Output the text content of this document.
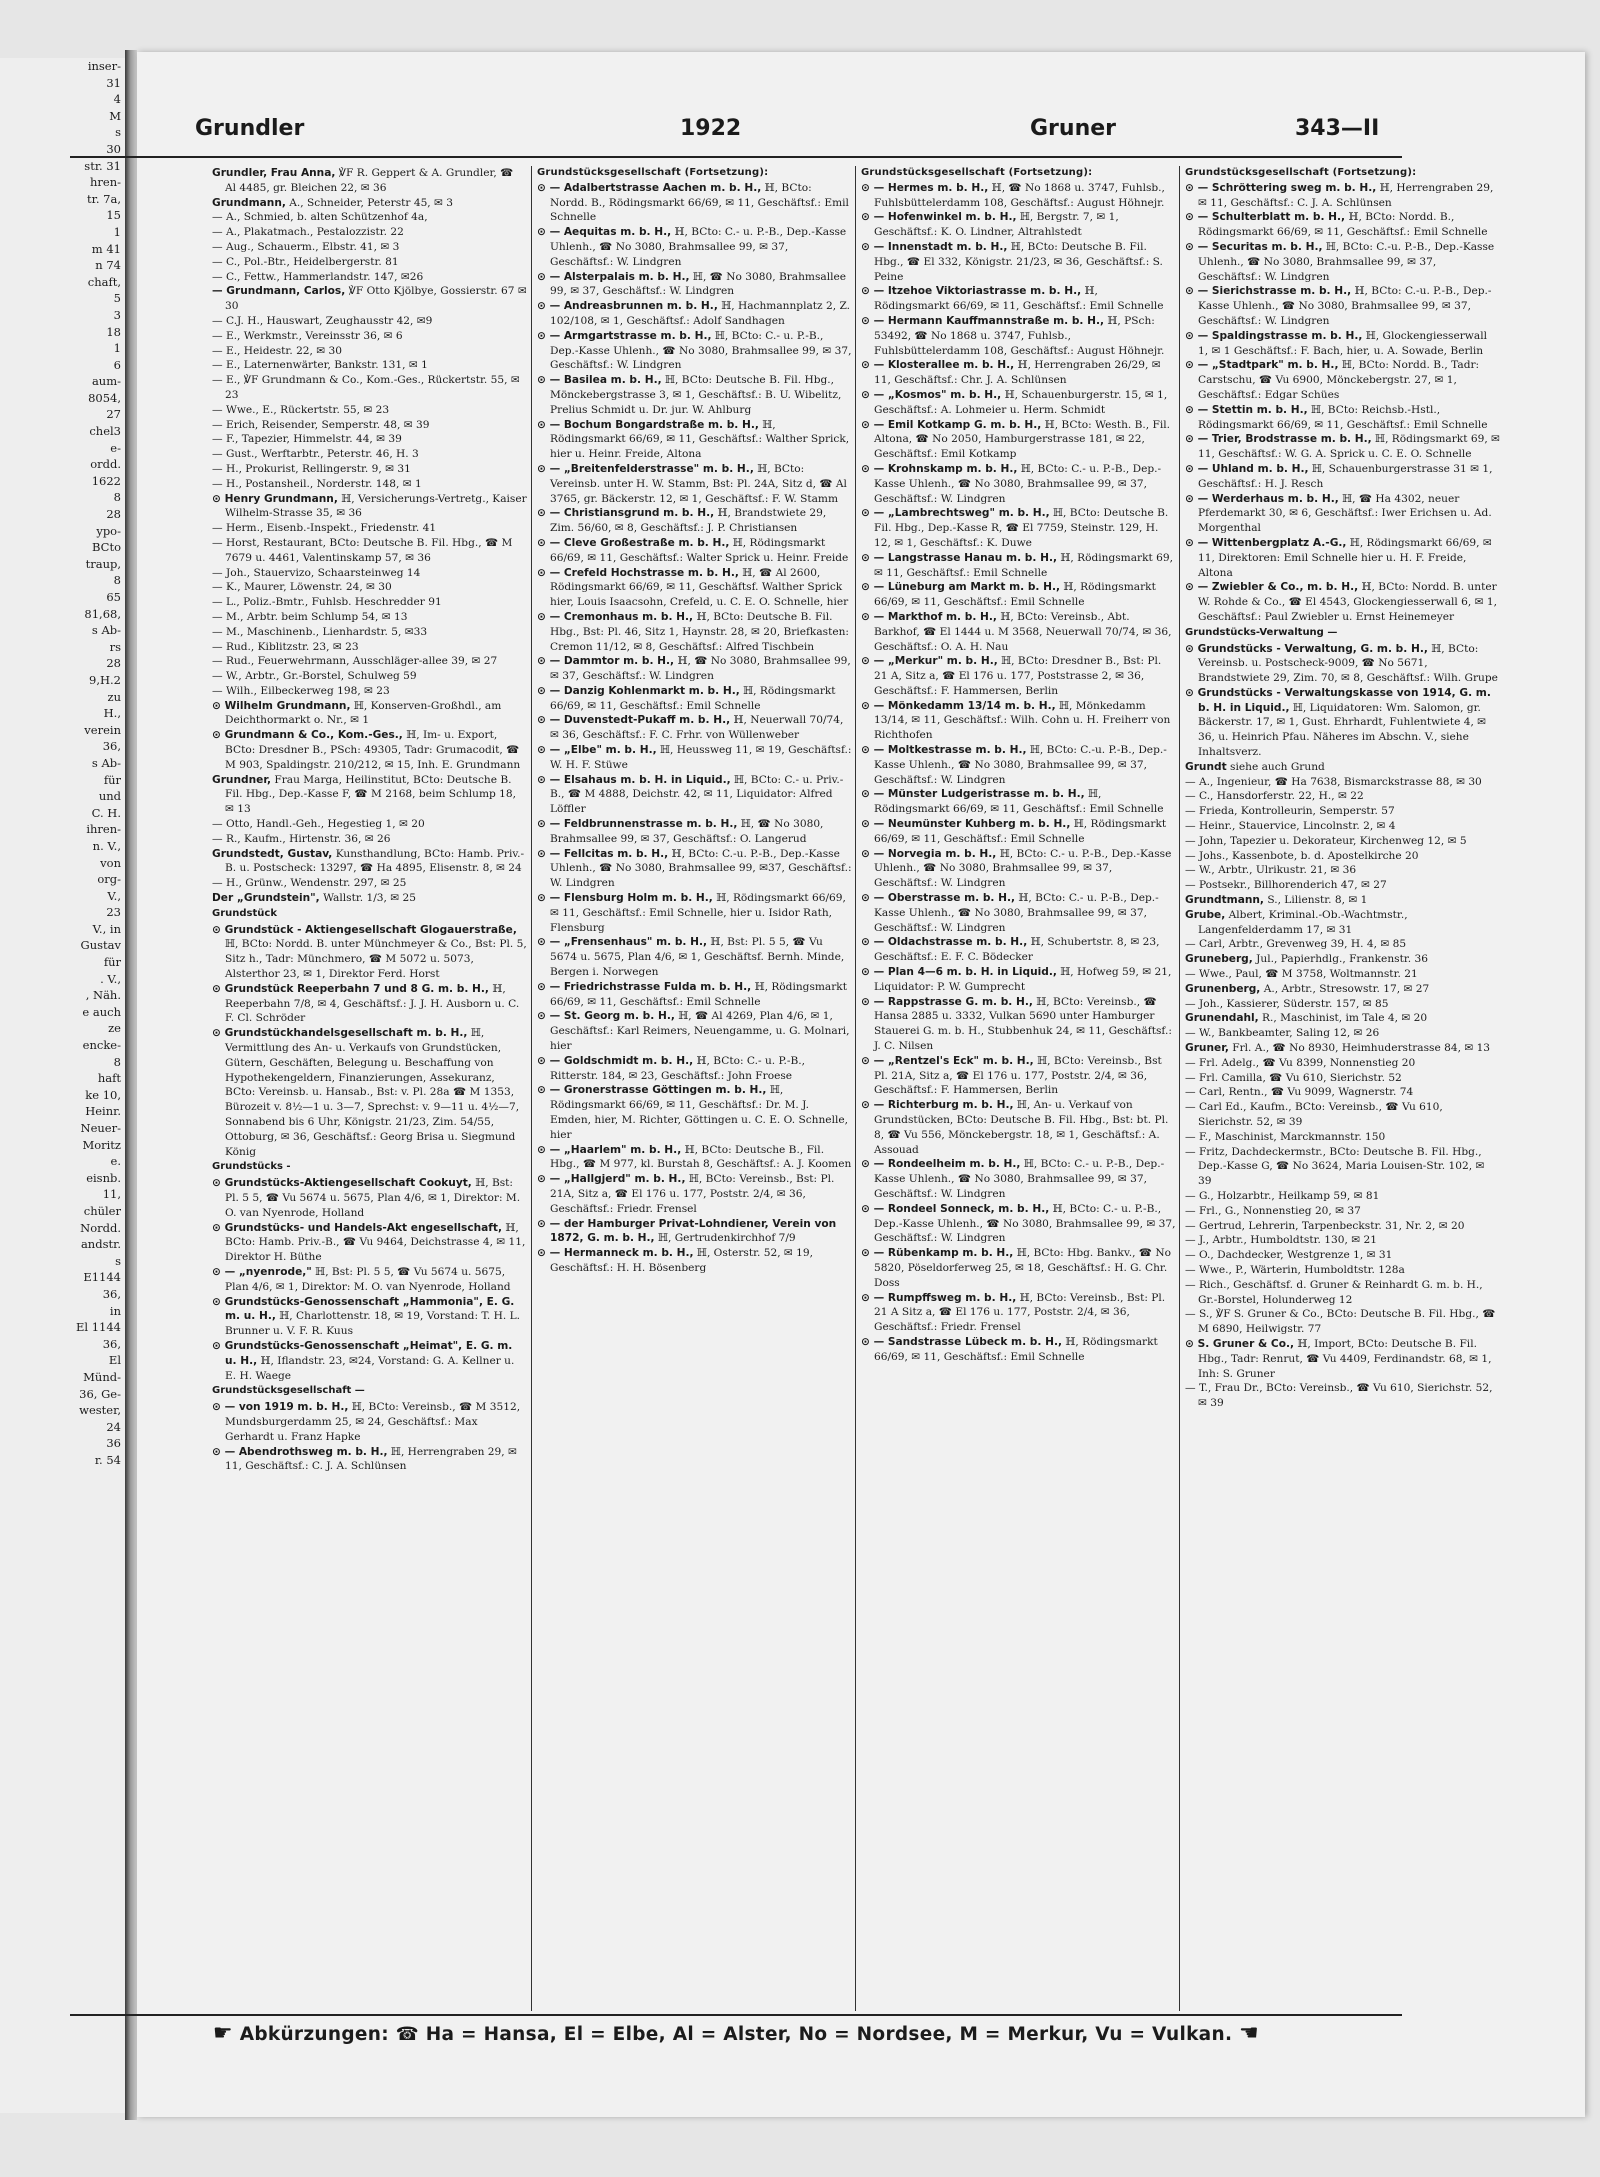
inser-
31
4
M
s
30
str. 31
hren-
tr. 7a,
15
1
m 41
n 74
chaft,
5
3
18
1
6
aum-
8054,
27
chel3
e-
ordd.
1622
8
28
ypo-
BCto
traup,
8
65
81,68,
s Ab-
rs
28
9,H.2
zu
H.,
verein
36,
s Ab-
für
und
C. H.
ihren-
n. V.,
von
org-
V.,
23
V., in
Gustav
für
. V.,
, Näh.
e auch
ze
encke-
8
haft
ke 10,
Heinr.
Neuer-
Moritz
e.
eisnb.
11,
chüler
Nordd.
andstr.
s
E1144
36,
in
El 1144
36,
El
Münd-
36, Ge-
wester,
24
36
r. 54
Grundler	1922	Gruner	343—II

Grundler, Frau Anna, ℣F R. Geppert & A. Grundler, ☎ Al 4485, gr. Bleichen 22, ✉ 36

Grundmann, A., Schneider, Peterstr 45, ✉ 3

— A., Schmied, b. alten Schützenhof 4a,

— A., Plakatmach., Pestalozzistr. 22

— Aug., Schauerm., Elbstr. 41, ✉ 3

— C., Pol.-Btr., Heidelbergerstr. 81

— C., Fettw., Hammerlandstr. 147, ✉26

— Grundmann, Carlos, ℣F Otto Kjölbye, Gossierstr. 67 ✉ 30

— C.J. H., Hauswart, Zeughausstr 42, ✉9

— E., Werkmstr., Vereinsstr 36, ✉ 6

— E., Heidestr. 22, ✉ 30

— E., Laternenwärter, Bankstr. 131, ✉ 1

— E., ℣F Grundmann & Co., Kom.-Ges., Rückertstr. 55, ✉ 23

— Wwe., E., Rückertstr. 55, ✉ 23

— Erich, Reisender, Semperstr. 48, ✉ 39

— F., Tapezier, Himmelstr. 44, ✉ 39

— Gust., Werftarbtr., Peterstr. 46, H. 3

— H., Prokurist, Rellingerstr. 9, ✉ 31

— H., Postansheil., Norderstr. 148, ✉ 1

⊙ Henry Grundmann, ℍ, Versicherungs-Vertretg., Kaiser Wilhelm-Strasse 35, ✉ 36

— Herm., Eisenb.-Inspekt., Friedenstr. 41

— Horst, Restaurant, BCto: Deutsche B. Fil. Hbg., ☎ M 7679 u. 4461, Valentinskamp 57, ✉ 36

— Joh., Stauervizo, Schaarsteinweg 14

— K., Maurer, Löwenstr. 24, ✉ 30

— L., Poliz.-Bmtr., Fuhlsb. Heschredder 91

— M., Arbtr. beim Schlump 54, ✉ 13

— M., Maschinenb., Lienhardstr. 5, ✉33

— Rud., Kiblitzstr. 23, ✉ 23

— Rud., Feuerwehrmann, Ausschläger-allee 39, ✉ 27

— W., Arbtr., Gr.-Borstel, Schulweg 59

— Wilh., Eilbeckerweg 198, ✉ 23

⊙ Wilhelm Grundmann, ℍ, Konserven-Großhdl., am Deichthormarkt o. Nr., ✉ 1

⊙ Grundmann & Co., Kom.-Ges., ℍ, Im- u. Export, BCto: Dresdner B., PSch: 49305, Tadr: Grumacodit, ☎ M 903, Spaldingstr. 210/212, ✉ 15, Inh. E. Grundmann

Grundner, Frau Marga, Heilinstitut, BCto: Deutsche B. Fil. Hbg., Dep.-Kasse F, ☎ M 2168, beim Schlump 18, ✉ 13

— Otto, Handl.-Geh., Hegestieg 1, ✉ 20

— R., Kaufm., Hirtenstr. 36, ✉ 26

Grundstedt, Gustav, Kunsthandlung, BCto: Hamb. Priv.-B. u. Postscheck: 13297, ☎ Ha 4895, Elisenstr. 8, ✉ 24

— H., Grünw., Wendenstr. 297, ✉ 25

Der „Grundstein", Wallstr. 1/3, ✉ 25

Grundstück

⊙ Grundstück - Aktiengesellschaft Glogauerstraße, ℍ, BCto: Nordd. B. unter Münchmeyer & Co., Bst: Pl. 5, Sitz h., Tadr: Münchmero, ☎ M 5072 u. 5073, Alsterthor 23, ✉ 1, Direktor Ferd. Horst

⊙ Grundstück Reeperbahn 7 und 8 G. m. b. H., ℍ, Reeperbahn 7/8, ✉ 4, Geschäftsf.: J. J. H. Ausborn u. C. F. Cl. Schröder

⊙ Grundstückhandelsgesellschaft m. b. H., ℍ, Vermittlung des An- u. Verkaufs von Grundstücken, Gütern, Geschäften, Belegung u. Beschaffung von Hypothekengeldern, Finanzierungen, Assekuranz, BCto: Vereinsb. u. Hansab., Bst: v. Pl. 28a ☎ M 1353, Bürozeit v. 8½—1 u. 3—7, Sprechst: v. 9—11 u. 4½—7, Sonnabend bis 6 Uhr, Königstr. 21/23, Zim. 54/55, Ottoburg, ✉ 36, Geschäftsf.: Georg Brisa u. Siegmund König

Grundstücks -

⊙ Grundstücks-Aktiengesellschaft Cookuyt, ℍ, Bst: Pl. 5 5, ☎ Vu 5674 u. 5675, Plan 4/6, ✉ 1, Direktor: M. O. van Nyenrode, Holland

⊙ Grundstücks- und Handels-Akt engesellschaft, ℍ, BCto: Hamb. Priv.-B., ☎ Vu 9464, Deichstrasse 4, ✉ 11, Direktor H. Büthe

⊙ — „nyenrode," ℍ, Bst: Pl. 5 5, ☎ Vu 5674 u. 5675, Plan 4/6, ✉ 1, Direktor: M. O. van Nyenrode, Holland

⊙ Grundstücks-Genossenschaft „Hammonia", E. G. m. u. H., ℍ, Charlottenstr. 18, ✉ 19, Vorstand: T. H. L. Brunner u. V. F. R. Kuus

⊙ Grundstücks-Genossenschaft „Heimat", E. G. m. u. H., ℍ, Iflandstr. 23, ✉24, Vorstand: G. A. Kellner u. E. H. Waege

Grundstücksgesellschaft —

⊙ — von 1919 m. b. H., ℍ, BCto: Vereinsb., ☎ M 3512, Mundsburgerdamm 25, ✉ 24, Geschäftsf.: Max Gerhardt u. Franz Hapke

⊙ — Abendrothsweg m. b. H., ℍ, Herrengraben 29, ✉ 11, Geschäftsf.: C. J. A. Schlünsen

Grundstücksgesellschaft (Fortsetzung):

⊙ — Adalbertstrasse Aachen m. b. H., ℍ, BCto: Nordd. B., Rödingsmarkt 66/69, ✉ 11, Geschäftsf.: Emil Schnelle

⊙ — Aequitas m. b. H., ℍ, BCto: C.- u. P.-B., Dep.-Kasse Uhlenh., ☎ No 3080, Brahmsallee 99, ✉ 37, Geschäftsf.: W. Lindgren

⊙ — Alsterpalais m. b. H., ℍ, ☎ No 3080, Brahmsallee 99, ✉ 37, Geschäftsf.: W. Lindgren

⊙ — Andreasbrunnen m. b. H., ℍ, Hachmannplatz 2, Z. 102/108, ✉ 1, Geschäftsf.: Adolf Sandhagen

⊙ — Armgartstrasse m. b. H., ℍ, BCto: C.- u. P.-B., Dep.-Kasse Uhlenh., ☎ No 3080, Brahmsallee 99, ✉ 37, Geschäftsf.: W. Lindgren

⊙ — Basilea m. b. H., ℍ, BCto: Deutsche B. Fil. Hbg., Mönckebergstrasse 3, ✉ 1, Geschäftsf.: B. U. Wibelitz, Prelius Schmidt u. Dr. jur. W. Ahlburg

⊙ — Bochum Bongardstraße m. b. H., ℍ, Rödingsmarkt 66/69, ✉ 11, Geschäftsf.: Walther Sprick, hier u. Heinr. Freide, Altona

⊙ — „Breitenfelderstrasse" m. b. H., ℍ, BCto: Vereinsb. unter H. W. Stamm, Bst: Pl. 24A, Sitz d, ☎ Al 3765, gr. Bäckerstr. 12, ✉ 1, Geschäftsf.: F. W. Stamm

⊙ — Christiansgrund m. b. H., ℍ, Brandstwiete 29, Zim. 56/60, ✉ 8, Geschäftsf.: J. P. Christiansen

⊙ — Cleve Großestraße m. b. H., ℍ, Rödingsmarkt 66/69, ✉ 11, Geschäftsf.: Walter Sprick u. Heinr. Freide

⊙ — Crefeld Hochstrasse m. b. H., ℍ, ☎ Al 2600, Rödingsmarkt 66/69, ✉ 11, Geschäftsf. Walther Sprick hier, Louis Isaacsohn, Crefeld, u. C. E. O. Schnelle, hier

⊙ — Cremonhaus m. b. H., ℍ, BCto: Deutsche B. Fil. Hbg., Bst: Pl. 46, Sitz 1, Haynstr. 28, ✉ 20, Briefkasten: Cremon 11/12, ✉ 8, Geschäftsf.: Alfred Tischbein

⊙ — Dammtor m. b. H., ℍ, ☎ No 3080, Brahmsallee 99, ✉ 37, Geschäftsf.: W. Lindgren

⊙ — Danzig Kohlenmarkt m. b. H., ℍ, Rödingsmarkt 66/69, ✉ 11, Geschäftsf.: Emil Schnelle

⊙ — Duvenstedt-Pukaff m. b. H., ℍ, Neuerwall 70/74, ✉ 36, Geschäftsf.: F. C. Frhr. von Wüllenweber

⊙ — „Elbe" m. b. H., ℍ, Heussweg 11, ✉ 19, Geschäftsf.: W. H. F. Stüwe

⊙ — Elsahaus m. b. H. in Liquid., ℍ, BCto: C.- u. Priv.-B., ☎ M 4888, Deichstr. 42, ✉ 11, Liquidator: Alfred Löffler

⊙ — Feldbrunnenstrasse m. b. H., ℍ, ☎ No 3080, Brahmsallee 99, ✉ 37, Geschäftsf.: O. Langerud

⊙ — Fellcitas m. b. H., ℍ, BCto: C.-u. P.-B., Dep.-Kasse Uhlenh., ☎ No 3080, Brahmsallee 99, ✉37, Geschäftsf.: W. Lindgren

⊙ — Flensburg Holm m. b. H., ℍ, Rödingsmarkt 66/69, ✉ 11, Geschäftsf.: Emil Schnelle, hier u. Isidor Rath, Flensburg

⊙ — „Frensenhaus" m. b. H., ℍ, Bst: Pl. 5 5, ☎ Vu 5674 u. 5675, Plan 4/6, ✉ 1, Geschäftsf. Bernh. Minde, Bergen i. Norwegen

⊙ — Friedrichstrasse Fulda m. b. H., ℍ, Rödingsmarkt 66/69, ✉ 11, Geschäftsf.: Emil Schnelle

⊙ — St. Georg m. b. H., ℍ, ☎ Al 4269, Plan 4/6, ✉ 1, Geschäftsf.: Karl Reimers, Neuengamme, u. G. Molnari, hier

⊙ — Goldschmidt m. b. H., ℍ, BCto: C.- u. P.-B., Ritterstr. 184, ✉ 23, Geschäftsf.: John Froese

⊙ — Gronerstrasse Göttingen m. b. H., ℍ, Rödingsmarkt 66/69, ✉ 11, Geschäftsf.: Dr. M. J. Emden, hier, M. Richter, Göttingen u. C. E. O. Schnelle, hier

⊙ — „Haarlem" m. b. H., ℍ, BCto: Deutsche B., Fil. Hbg., ☎ M 977, kl. Burstah 8, Geschäftsf.: A. J. Koomen

⊙ — „Hallgjerd" m. b. H., ℍ, BCto: Vereinsb., Bst: Pl. 21A, Sitz a, ☎ El 176 u. 177, Poststr. 2/4, ✉ 36, Geschäftsf.: Friedr. Frensel

⊙ — der Hamburger Privat-Lohndiener, Verein von 1872, G. m. b. H., ℍ, Gertrudenkirchhof 7/9

⊙ — Hermanneck m. b. H., ℍ, Osterstr. 52, ✉ 19, Geschäftsf.: H. H. Bösenberg

Grundstücksgesellschaft (Fortsetzung):

⊙ — Hermes m. b. H., ℍ, ☎ No 1868 u. 3747, Fuhlsb., Fuhlsbüttelerdamm 108, Geschäftsf.: August Höhnejr.

⊙ — Hofenwinkel m. b. H., ℍ, Bergstr. 7, ✉ 1, Geschäftsf.: K. O. Lindner, Altrahlstedt

⊙ — Innenstadt m. b. H., ℍ, BCto: Deutsche B. Fil. Hbg., ☎ El 332, Königstr. 21/23, ✉ 36, Geschäftsf.: S. Peine

⊙ — Itzehoe Viktoriastrasse m. b. H., ℍ, Rödingsmarkt 66/69, ✉ 11, Geschäftsf.: Emil Schnelle

⊙ — Hermann Kauffmannstraße m. b. H., ℍ, PSch: 53492, ☎ No 1868 u. 3747, Fuhlsb., Fuhlsbüttelerdamm 108, Geschäftsf.: August Höhnejr.

⊙ — Klosterallee m. b. H., ℍ, Herrengraben 26/29, ✉ 11, Geschäftsf.: Chr. J. A. Schlünsen

⊙ — „Kosmos" m. b. H., ℍ, Schauenburgerstr. 15, ✉ 1, Geschäftsf.: A. Lohmeier u. Herm. Schmidt

⊙ — Emil Kotkamp G. m. b. H., ℍ, BCto: Westh. B., Fil. Altona, ☎ No 2050, Hamburgerstrasse 181, ✉ 22, Geschäftsf.: Emil Kotkamp

⊙ — Krohnskamp m. b. H., ℍ, BCto: C.- u. P.-B., Dep.-Kasse Uhlenh., ☎ No 3080, Brahmsallee 99, ✉ 37, Geschäftsf.: W. Lindgren

⊙ — „Lambrechtsweg" m. b. H., ℍ, BCto: Deutsche B. Fil. Hbg., Dep.-Kasse R, ☎ El 7759, Steinstr. 129, H. 12, ✉ 1, Geschäftsf.: K. Duwe

⊙ — Langstrasse Hanau m. b. H., ℍ, Rödingsmarkt 69, ✉ 11, Geschäftsf.: Emil Schnelle

⊙ — Lüneburg am Markt m. b. H., ℍ, Rödingsmarkt 66/69, ✉ 11, Geschäftsf.: Emil Schnelle

⊙ — Markthof m. b. H., ℍ, BCto: Vereinsb., Abt. Barkhof, ☎ El 1444 u. M 3568, Neuerwall 70/74, ✉ 36, Geschäftsf.: O. A. H. Nau

⊙ — „Merkur" m. b. H., ℍ, BCto: Dresdner B., Bst: Pl. 21 A, Sitz a, ☎ El 176 u. 177, Poststrasse 2, ✉ 36, Geschäftsf.: F. Hammersen, Berlin

⊙ — Mönkedamm 13/14 m. b. H., ℍ, Mönkedamm 13/14, ✉ 11, Geschäftsf.: Wilh. Cohn u. H. Freiherr von Richthofen

⊙ — Moltkestrasse m. b. H., ℍ, BCto: C.-u. P.-B., Dep.-Kasse Uhlenh., ☎ No 3080, Brahmsallee 99, ✉ 37, Geschäftsf.: W. Lindgren

⊙ — Münster Ludgeristrasse m. b. H., ℍ, Rödingsmarkt 66/69, ✉ 11, Geschäftsf.: Emil Schnelle

⊙ — Neumünster Kuhberg m. b. H., ℍ, Rödingsmarkt 66/69, ✉ 11, Geschäftsf.: Emil Schnelle

⊙ — Norvegia m. b. H., ℍ, BCto: C.- u. P.-B., Dep.-Kasse Uhlenh., ☎ No 3080, Brahmsallee 99, ✉ 37, Geschäftsf.: W. Lindgren

⊙ — Oberstrasse m. b. H., ℍ, BCto: C.- u. P.-B., Dep.-Kasse Uhlenh., ☎ No 3080, Brahmsallee 99, ✉ 37, Geschäftsf.: W. Lindgren

⊙ — Oldachstrasse m. b. H., ℍ, Schubertstr. 8, ✉ 23, Geschäftsf.: E. F. C. Bödecker

⊙ — Plan 4—6 m. b. H. in Liquid., ℍ, Hofweg 59, ✉ 21, Liquidator: P. W. Gumprecht

⊙ — Rappstrasse G. m. b. H., ℍ, BCto: Vereinsb., ☎ Hansa 2885 u. 3332, Vulkan 5690 unter Hamburger Stauerei G. m. b. H., Stubbenhuk 24, ✉ 11, Geschäftsf.: J. C. Nilsen

⊙ — „Rentzel's Eck" m. b. H., ℍ, BCto: Vereinsb., Bst Pl. 21A, Sitz a, ☎ El 176 u. 177, Poststr. 2/4, ✉ 36, Geschäftsf.: F. Hammersen, Berlin

⊙ — Richterburg m. b. H., ℍ, An- u. Verkauf von Grundstücken, BCto: Deutsche B. Fil. Hbg., Bst: bt. Pl. 8, ☎ Vu 556, Mönckebergstr. 18, ✉ 1, Geschäftsf.: A. Assouad

⊙ — Rondeelheim m. b. H., ℍ, BCto: C.- u. P.-B., Dep.-Kasse Uhlenh., ☎ No 3080, Brahmsallee 99, ✉ 37, Geschäftsf.: W. Lindgren

⊙ — Rondeel Sonneck, m. b. H., ℍ, BCto: C.- u. P.-B., Dep.-Kasse Uhlenh., ☎ No 3080, Brahmsallee 99, ✉ 37, Geschäftsf.: W. Lindgren

⊙ — Rübenkamp m. b. H., ℍ, BCto: Hbg. Bankv., ☎ No 5820, Pöseldorferweg 25, ✉ 18, Geschäftsf.: H. G. Chr. Doss

⊙ — Rumpffsweg m. b. H., ℍ, BCto: Vereinsb., Bst: Pl. 21 A Sitz a, ☎ El 176 u. 177, Poststr. 2/4, ✉ 36, Geschäftsf.: Friedr. Frensel

⊙ — Sandstrasse Lübeck m. b. H., ℍ, Rödingsmarkt 66/69, ✉ 11, Geschäftsf.: Emil Schnelle

Grundstücksgesellschaft (Fortsetzung):

⊙ — Schröttering sweg m. b. H., ℍ, Herrengraben 29, ✉ 11, Geschäftsf.: C. J. A. Schlünsen

⊙ — Schulterblatt m. b. H., ℍ, BCto: Nordd. B., Rödingsmarkt 66/69, ✉ 11, Geschäftsf.: Emil Schnelle

⊙ — Securitas m. b. H., ℍ, BCto: C.-u. P.-B., Dep.-Kasse Uhlenh., ☎ No 3080, Brahmsallee 99, ✉ 37, Geschäftsf.: W. Lindgren

⊙ — Sierichstrasse m. b. H., ℍ, BCto: C.-u. P.-B., Dep.-Kasse Uhlenh., ☎ No 3080, Brahmsallee 99, ✉ 37, Geschäftsf.: W. Lindgren

⊙ — Spaldingstrasse m. b. H., ℍ, Glockengiesserwall 1, ✉ 1 Geschäftsf.: F. Bach, hier, u. A. Sowade, Berlin

⊙ — „Stadtpark" m. b. H., ℍ, BCto: Nordd. B., Tadr: Carstschu, ☎ Vu 6900, Mönckebergstr. 27, ✉ 1, Geschäftsf.: Edgar Schües

⊙ — Stettin m. b. H., ℍ, BCto: Reichsb.-Hstl., Rödingsmarkt 66/69, ✉ 11, Geschäftsf.: Emil Schnelle

⊙ — Trier, Brodstrasse m. b. H., ℍ, Rödingsmarkt 69, ✉ 11, Geschäftsf.: W. G. A. Sprick u. C. E. O. Schnelle

⊙ — Uhland m. b. H., ℍ, Schauenburgerstrasse 31 ✉ 1, Geschäftsf.: H. J. Resch

⊙ — Werderhaus m. b. H., ℍ, ☎ Ha 4302, neuer Pferdemarkt 30, ✉ 6, Geschäftsf.: Iwer Erichsen u. Ad. Morgenthal

⊙ — Wittenbergplatz A.-G., ℍ, Rödingsmarkt 66/69, ✉ 11, Direktoren: Emil Schnelle hier u. H. F. Freide, Altona

⊙ — Zwiebler & Co., m. b. H., ℍ, BCto: Nordd. B. unter W. Rohde & Co., ☎ El 4543, Glockengiesserwall 6, ✉ 1, Geschäftsf.: Paul Zwiebler u. Ernst Heinemeyer

Grundstücks-Verwaltung —

⊙ Grundstücks - Verwaltung, G. m. b. H., ℍ, BCto: Vereinsb. u. Postscheck-9009, ☎ No 5671, Brandstwiete 29, Zim. 70, ✉ 8, Geschäftsf.: Wilh. Grupe

⊙ Grundstücks - Verwaltungskasse von 1914, G. m. b. H. in Liquid., ℍ, Liquidatoren: Wm. Salomon, gr. Bäckerstr. 17, ✉ 1, Gust. Ehrhardt, Fuhlentwiete 4, ✉ 36, u. Heinrich Pfau. Näheres im Abschn. V., siehe Inhaltsverz.

Grundt siehe auch Grund

— A., Ingenieur, ☎ Ha 7638, Bismarckstrasse 88, ✉ 30

— C., Hansdorferstr. 22, H., ✉ 22

— Frieda, Kontrolleurin, Semperstr. 57

— Heinr., Stauervice, Lincolnstr. 2, ✉ 4

— John, Tapezier u. Dekorateur, Kirchenweg 12, ✉ 5

— Johs., Kassenbote, b. d. Apostelkirche 20

— W., Arbtr., Ulrikustr. 21, ✉ 36

— Postsekr., Billhorenderich 47, ✉ 27

Grundtmann, S., Lilienstr. 8, ✉ 1

Grube, Albert, Kriminal.-Ob.-Wachtmstr., Langenfelderdamm 17, ✉ 31

— Carl, Arbtr., Grevenweg 39, H. 4, ✉ 85

Gruneberg, Jul., Papierhdlg., Frankenstr. 36

— Wwe., Paul, ☎ M 3758, Woltmannstr. 21

Grunenberg, A., Arbtr., Stresowstr. 17, ✉ 27

— Joh., Kassierer, Süderstr. 157, ✉ 85

Grunendahl, R., Maschinist, im Tale 4, ✉ 20

— W., Bankbeamter, Saling 12, ✉ 26

Gruner, Frl. A., ☎ No 8930, Heimhuderstrasse 84, ✉ 13

— Frl. Adelg., ☎ Vu 8399, Nonnenstieg 20

— Frl. Camilla, ☎ Vu 610, Sierichstr. 52

— Carl, Rentn., ☎ Vu 9099, Wagnerstr. 74

— Carl Ed., Kaufm., BCto: Vereinsb., ☎ Vu 610, Sierichstr. 52, ✉ 39

— F., Maschinist, Marckmannstr. 150

— Fritz, Dachdeckermstr., BCto: Deutsche B. Fil. Hbg., Dep.-Kasse G, ☎ No 3624, Maria Louisen-Str. 102, ✉ 39

— G., Holzarbtr., Heilkamp 59, ✉ 81

— Frl., G., Nonnenstieg 20, ✉ 37

— Gertrud, Lehrerin, Tarpenbeckstr. 31, Nr. 2, ✉ 20

— J., Arbtr., Humboldtstr. 130, ✉ 21

— O., Dachdecker, Westgrenze 1, ✉ 31

— Wwe., P., Wärterin, Humboldtstr. 128a

— Rich., Geschäftsf. d. Gruner & Reinhardt G. m. b. H., Gr.-Borstel, Holunderweg 12

— S., ℣F S. Gruner & Co., BCto: Deutsche B. Fil. Hbg., ☎ M 6890, Heilwigstr. 77

⊙ S. Gruner & Co., ℍ, Import, BCto: Deutsche B. Fil. Hbg., Tadr: Renrut, ☎ Vu 4409, Ferdinandstr. 68, ✉ 1, Inh: S. Gruner

— T., Frau Dr., BCto: Vereinsb., ☎ Vu 610, Sierichstr. 52, ✉ 39

☛ Abkürzungen: ☎ Ha = Hansa, El = Elbe, Al = Alster, No = Nordsee, M = Merkur, Vu = Vulkan. ☚
